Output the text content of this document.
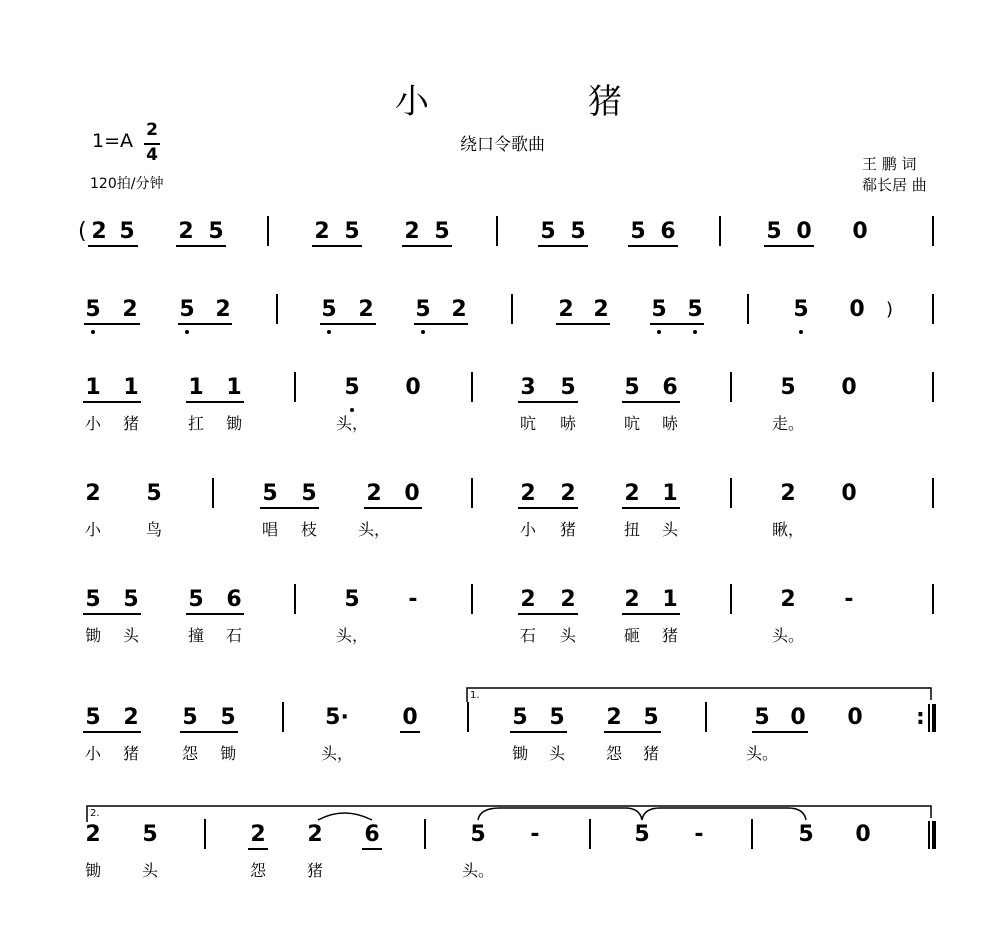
小	猪
绕口令歌曲
1=A 2
4
120拍/分钟
王 鹏 词
郗长居 曲
2 5 2 5	2 5 2 5	5 5 5 6	5 0 0
5 2 5 2	5 2 5 2	2 2 5 5	5 0
1 1 1 1	5 0	3 5 5 6	5 0
小 猪	扛 锄	头，	吭 哧	吭 哧	走。
2 5	5 5 2 0	2 2 2 1	2 0
小	鸟	唱 枝	头，	小 猪	扭 头	瞅，
5 5 5 6	5 -	2 2 2 1	2 -
锄 头	撞 石	头，	石 头	砸 猪	头。
5 2 5 5	5· 0	5 5 2 5	5 0 0
小 猪	怨 锄	头，	锄 头	怨 猪	头。
2 5	2 2 6	5 -	5 -	5 0
锄	头	怨	猪	头。
(
)
:
1.
2.
